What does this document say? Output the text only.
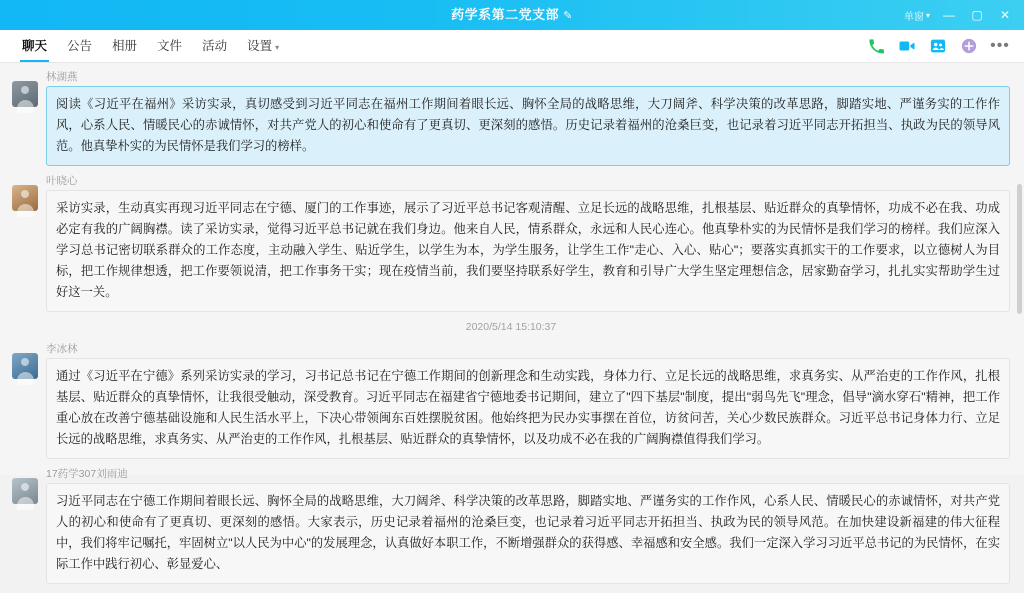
药学系第二党支部 ✎	单窗 ▾	—	▢	✕
聊天	公告	相册	文件	活动	设置 ▾	•••
林湖燕
阅读《习近平在福州》采访实录，真切感受到习近平同志在福州工作期间着眼长远、胸怀全局的战略思维，大刀阔斧、科学决策的改革思路，脚踏实地、严谨务实的工作作风，心系人民、情暖民心的赤诚情怀，对共产党人的初心和使命有了更真切、更深刻的感悟。历史记录着福州的沧桑巨变，也记录着习近平同志开拓担当、执政为民的领导风范。他真挚朴实的为民情怀是我们学习的榜样。
叶晓心
采访实录，生动真实再现习近平同志在宁德、厦门的工作事迹，展示了习近平总书记客观清醒、立足长远的战略思维，扎根基层、贴近群众的真挚情怀，功成不必在我、功成必定有我的广阔胸襟。读了采访实录，觉得习近平总书记就在我们身边。他来自人民，情系群众，永远和人民心连心。他真挚朴实的为民情怀是我们学习的榜样。我们应深入学习总书记密切联系群众的工作态度，主动融入学生、贴近学生，以学生为本，为学生服务，让学生工作"走心、入心、贴心"；要落实真抓实干的工作要求，以立德树人为目标，把工作规律想透，把工作要领说清，把工作事务干实；现在疫情当前，我们要坚持联系好学生，教育和引导广大学生坚定理想信念，居家勤奋学习，扎扎实实帮助学生过好这一关。
2020/5/14 15:10:37
李冰林
通过《习近平在宁德》系列采访实录的学习，习书记总书记在宁德工作期间的创新理念和生动实践，身体力行、立足长远的战略思维，求真务实、从严治吏的工作作风，扎根基层、贴近群众的真挚情怀，让我很受触动，深受教育。习近平同志在福建省宁德地委书记期间，建立了"四下基层"制度，提出"弱鸟先飞"理念，倡导"滴水穿石"精神，把工作重心放在改善宁德基础设施和人民生活水平上，下决心带领闽东百姓摆脱贫困。他始终把为民办实事摆在首位，访贫问苦，关心少数民族群众。习近平总书记身体力行、立足长远的战略思维，求真务实、从严治吏的工作作风，扎根基层、贴近群众的真挚情怀，以及功成不必在我的广阔胸襟值得我们学习。
17药学307刘雨迪
习近平同志在宁德工作期间着眼长远、胸怀全局的战略思维，大刀阔斧、科学决策的改革思路，脚踏实地、严谨务实的工作作风，心系人民、情暖民心的赤诚情怀，对共产党人的初心和使命有了更真切、更深刻的感悟。大家表示，历史记录着福州的沧桑巨变，也记录着习近平同志开拓担当、执政为民的领导风范。在加快建设新福建的伟大征程中，我们将牢记嘱托，牢固树立"以人民为中心"的发展理念，认真做好本职工作，不断增强群众的获得感、幸福感和安全感。我们一定深入学习习近平总书记的为民情怀，在实际工作中践行初心、彰显爱心、
